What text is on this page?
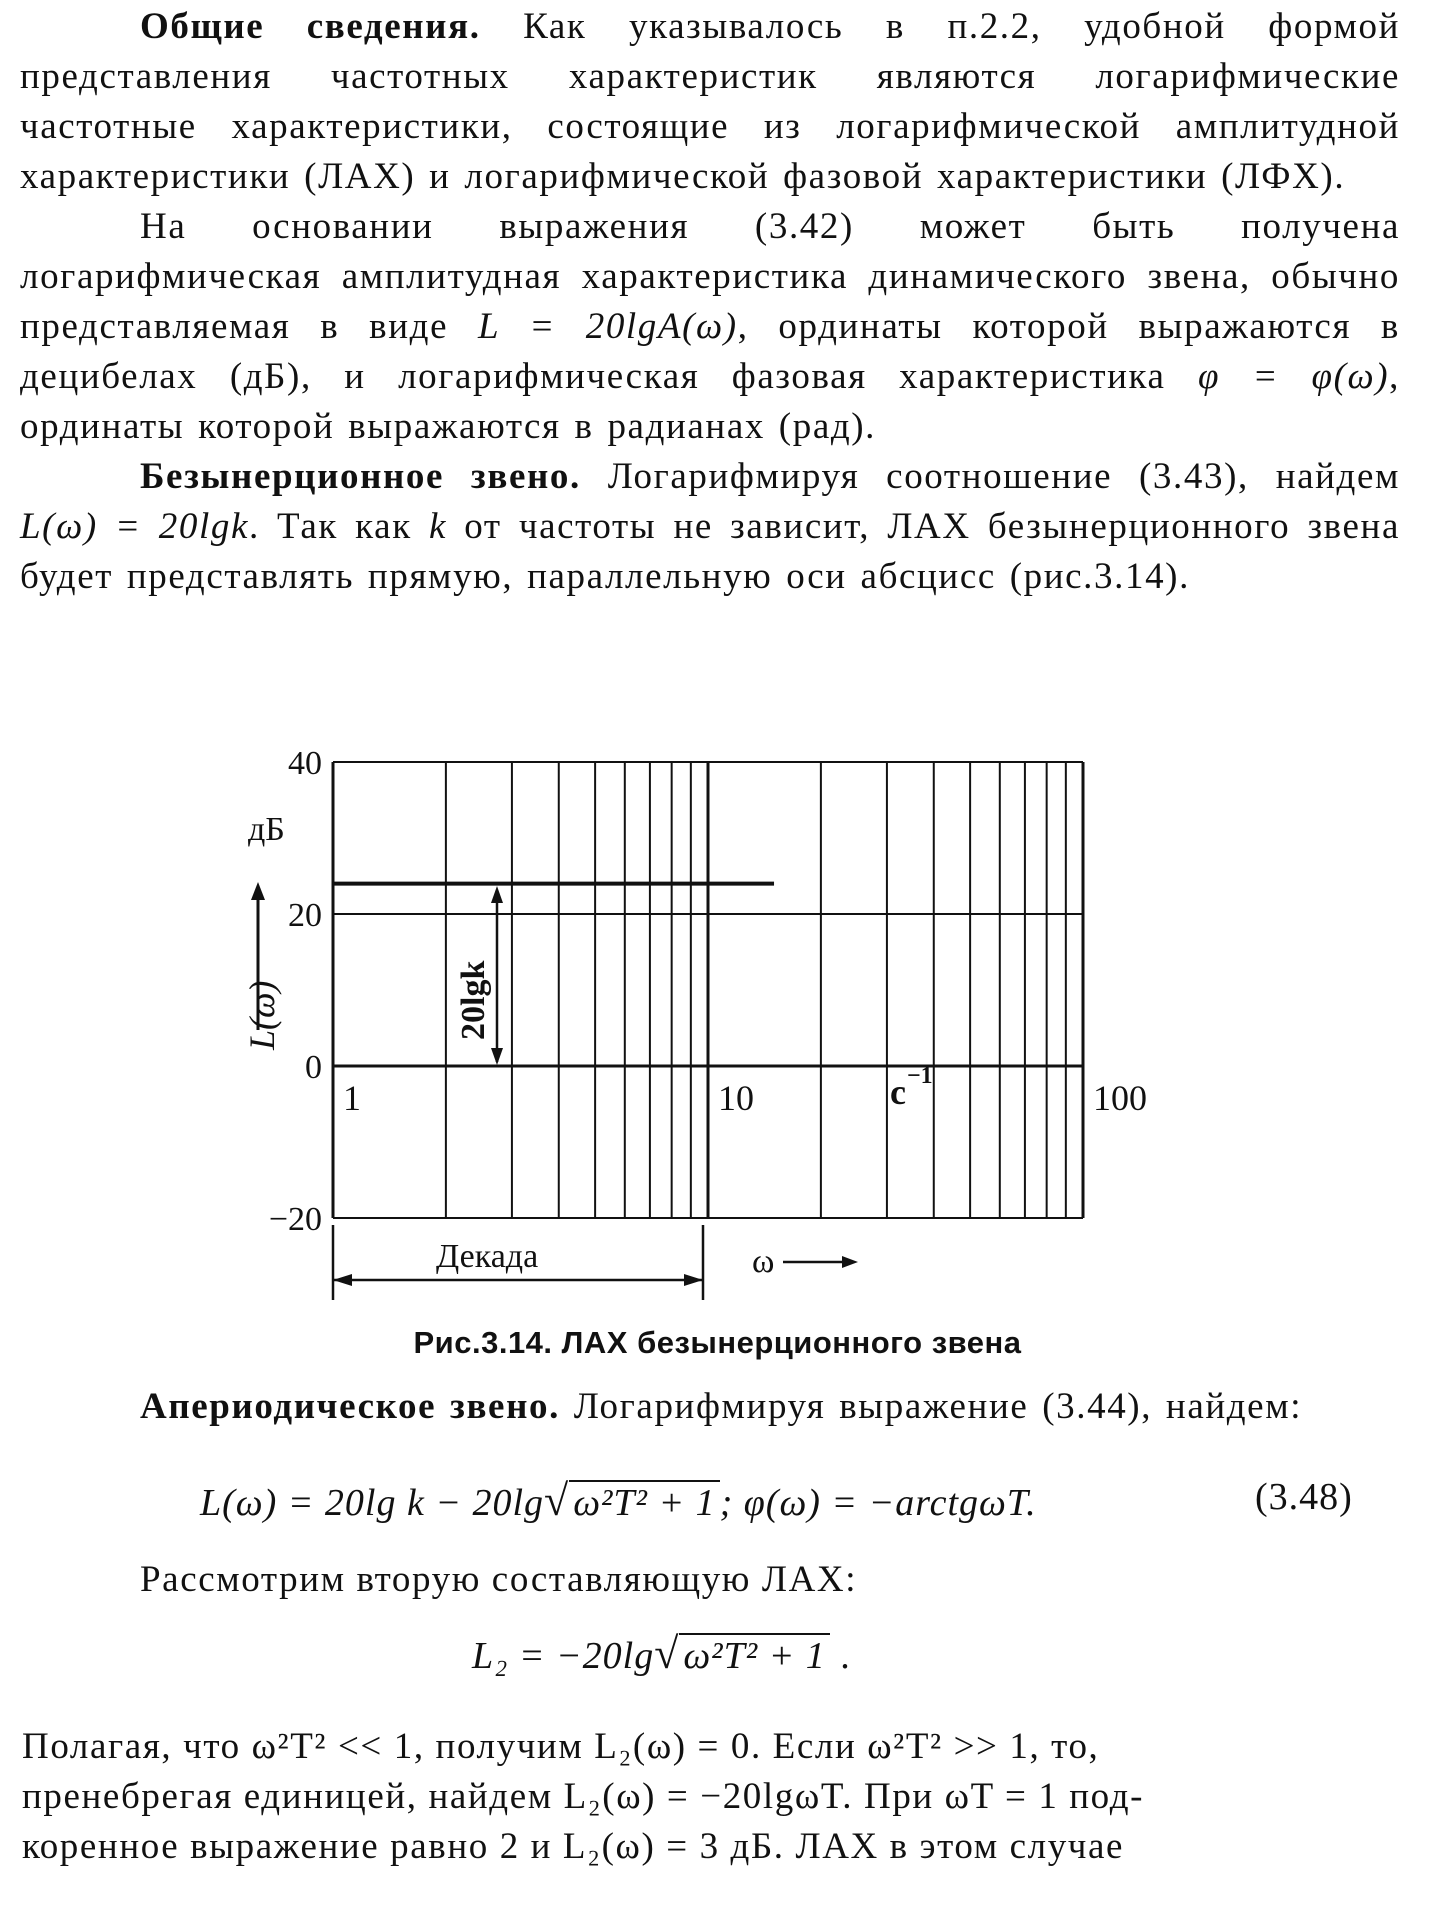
Общие сведения. Как указывалось в п.2.2, удобной формой представления частотных характеристик являются логарифмические частотные характеристики, состоящие из логарифмической амплитудной характеристики (ЛАХ) и логарифмической фазовой характеристики (ЛФХ).

На основании выражения (3.42) может быть получена логарифмическая амплитудная характеристика динамического звена, обычно представляемая в виде L = 20lgA(ω), ординаты которой выражаются в децибелах (дБ), и логарифмическая фазовая характеристика φ = φ(ω), ординаты которой выражаются в радианах (рад).

Безынерционное звено. Логарифмируя соотношение (3.43), найдем L(ω) = 20lgk. Так как k от частоты не зависит, ЛАХ безынерционного звена будет представлять прямую, параллельную оси абсцисс (рис.3.14).

−20
0
20
40
1	10	100
дБ
L(ω)	20lgk
с −1
Декада	ω
Рис.3.14. ЛАХ безынерционного звена

Апериодическое звено. Логарифмируя выражение (3.44), найдем:

L(ω) = 20lg k − 20lg√ ω²T² + 1 ; φ(ω) = −arctgωT.	(3.48)
Рассмотрим вторую составляющую ЛАХ:
L₂ = −20lg√ ω²T² + 1 .
Полагая, что ω²T² << 1, получим L₂(ω) = 0. Если ω²T² >> 1, то,
пренебрегая единицей, найдем L₂(ω) = −20lgωT. При ωT = 1 под-
коренное выражение равно 2 и L₂(ω) = 3 дБ. ЛАХ в этом случае
